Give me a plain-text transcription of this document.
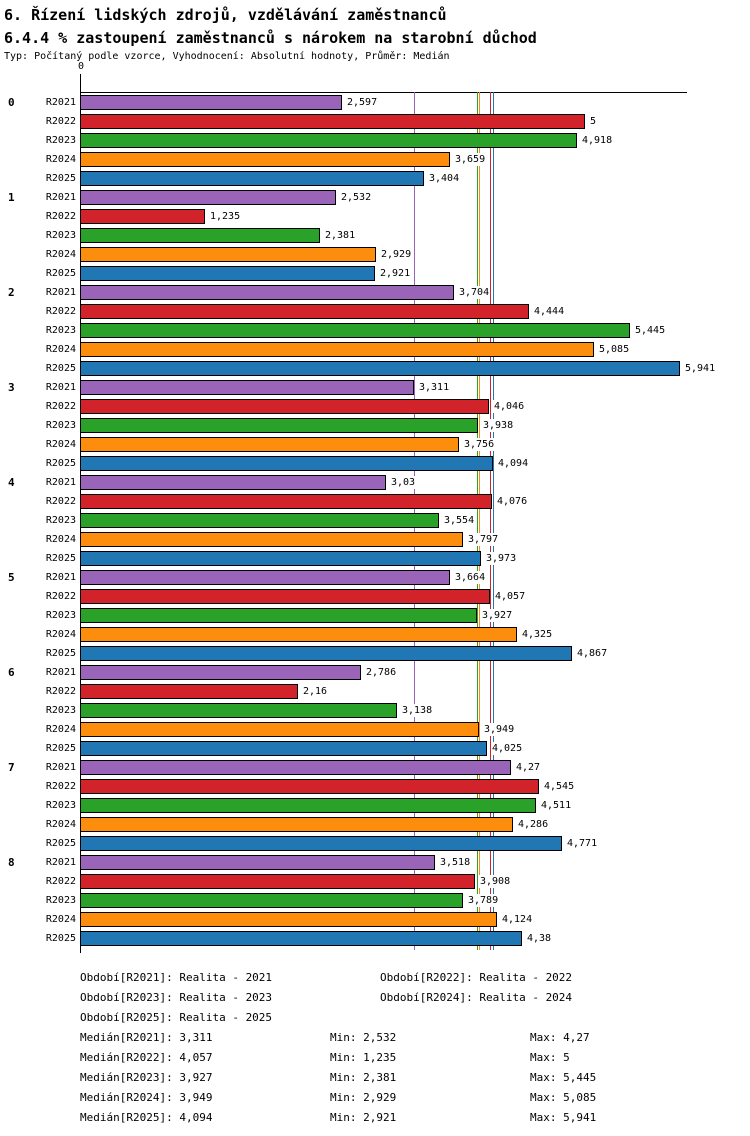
6. Řízení lidských zdrojů, vzdělávání zaměstnanců
6.4.4 % zastoupení zaměstnanců s nárokem na starobní důchod
Typ: Počítaný podle vzorce, Vyhodnocení: Absolutní hodnoty, Průměr: Medián
0
0	R2021	2,597
R2022	5
R2023	4,918
R2024	3,659
R2025	3,404
1	R2021	2,532
R2022	1,235
R2023	2,381
R2024	2,929
R2025	2,921
2	R2021	3,704
R2022	4,444
R2023	5,445
R2024	5,085
R2025	5,941
3	R2021	3,311
R2022	4,046
R2023	3,938
R2024	3,756
R2025	4,094
4	R2021	3,03
R2022	4,076
R2023	3,554
R2024	3,797
R2025	3,973
5	R2021	3,664
R2022	4,057
R2023	3,927
R2024	4,325
R2025	4,867
6	R2021	2,786
R2022	2,16
R2023	3,138
R2024	3,949
R2025	4,025
7	R2021	4,27
R2022	4,545
R2023	4,511
R2024	4,286
R2025	4,771
8	R2021	3,518
R2022	3,908
R2023	3,789
R2024	4,124
R2025	4,38
Období[R2021]: Realita - 2021	Období[R2022]: Realita - 2022
Období[R2023]: Realita - 2023	Období[R2024]: Realita - 2024
Období[R2025]: Realita - 2025
Medián[R2021]: 3,311	Min: 2,532	Max: 4,27
Medián[R2022]: 4,057	Min: 1,235	Max: 5
Medián[R2023]: 3,927	Min: 2,381	Max: 5,445
Medián[R2024]: 3,949	Min: 2,929	Max: 5,085
Medián[R2025]: 4,094	Min: 2,921	Max: 5,941
